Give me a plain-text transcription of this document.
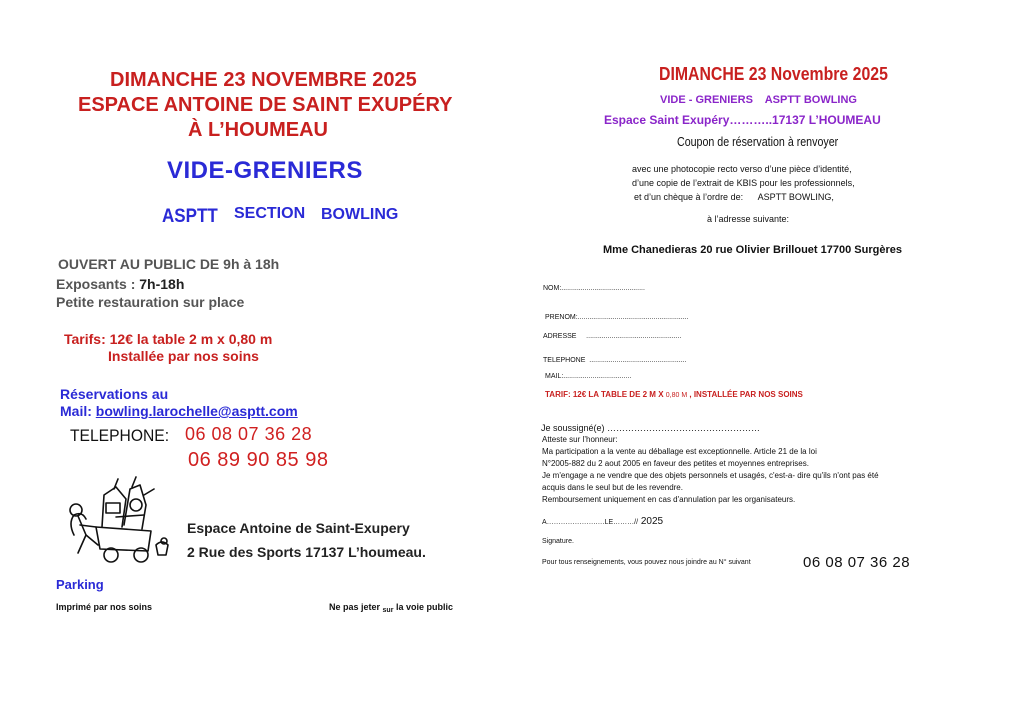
DIMANCHE 23 NOVEMBRE 2025
ESPACE ANTOINE DE SAINT EXUPÉRY
À L’HOUMEAU
VIDE-GRENIERS
ASPTT SECTION BOWLING
OUVERT AU PUBLIC DE 9h à 18h
Exposants : 7h-18h
Petite restauration sur place
Tarifs: 12€ la table 2 m x 0,80 m
Installée par nos soins
Réservations au
Mail: bowling.larochelle@asptt.com
TELEPHONE: 06 08 07 36 28
06 89 90 85 98
Espace Antoine de Saint-Exupery
2 Rue des Sports 17137 L’houmeau.
Parking
Imprimé par nos soins	Ne pas jeter $_{sur}$ la voie public
DIMANCHE 23 Novembre 2025
VIDE - GRENIERS    ASPTT BOWLING
Espace Saint Exupéry………..17137 L’HOUMEAU
Coupon de réservation à renvoyer
avec une photocopie recto verso d’une pièce d’identité,
d’une copie de l’extrait de KBIS pour les professionnels,
et d’un chèque à l’ordre de:      ASPTT BOWLING,
à l’adresse suivante:
Mme Chanedieras 20 rue Olivier Brillouet 17700 Surgères
NOM:...........................................
PRENOM:.........................................................
ADRESSE     .................................................
TELEPHONE  ..................................................
MAIL:...................................
TARIF: 12€ LA TABLE DE 2 M X 0,80 M , INSTALLÉE PAR NOS SOINS
Je soussigné(e) ……………………………………………
Atteste sur l’honneur:
Ma participation a la vente au déballage est exceptionnelle. Article 21 de la loi
N°2005-882 du 2 aout 2005 en faveur des petites et moyennes entreprises.
Je m'engage a ne vendre que des objets personnels et usagés, c'est-a- dire qu'ils n'ont pas été
acquis dans le seul but de les revendre.
Remboursement uniquement en cas d'annulation par les organisateurs.
A………………….…LE………// 2025
Signature.
Pour tous renseignements, vous pouvez nous joindre au N° suivant	06 08 07 36 28
